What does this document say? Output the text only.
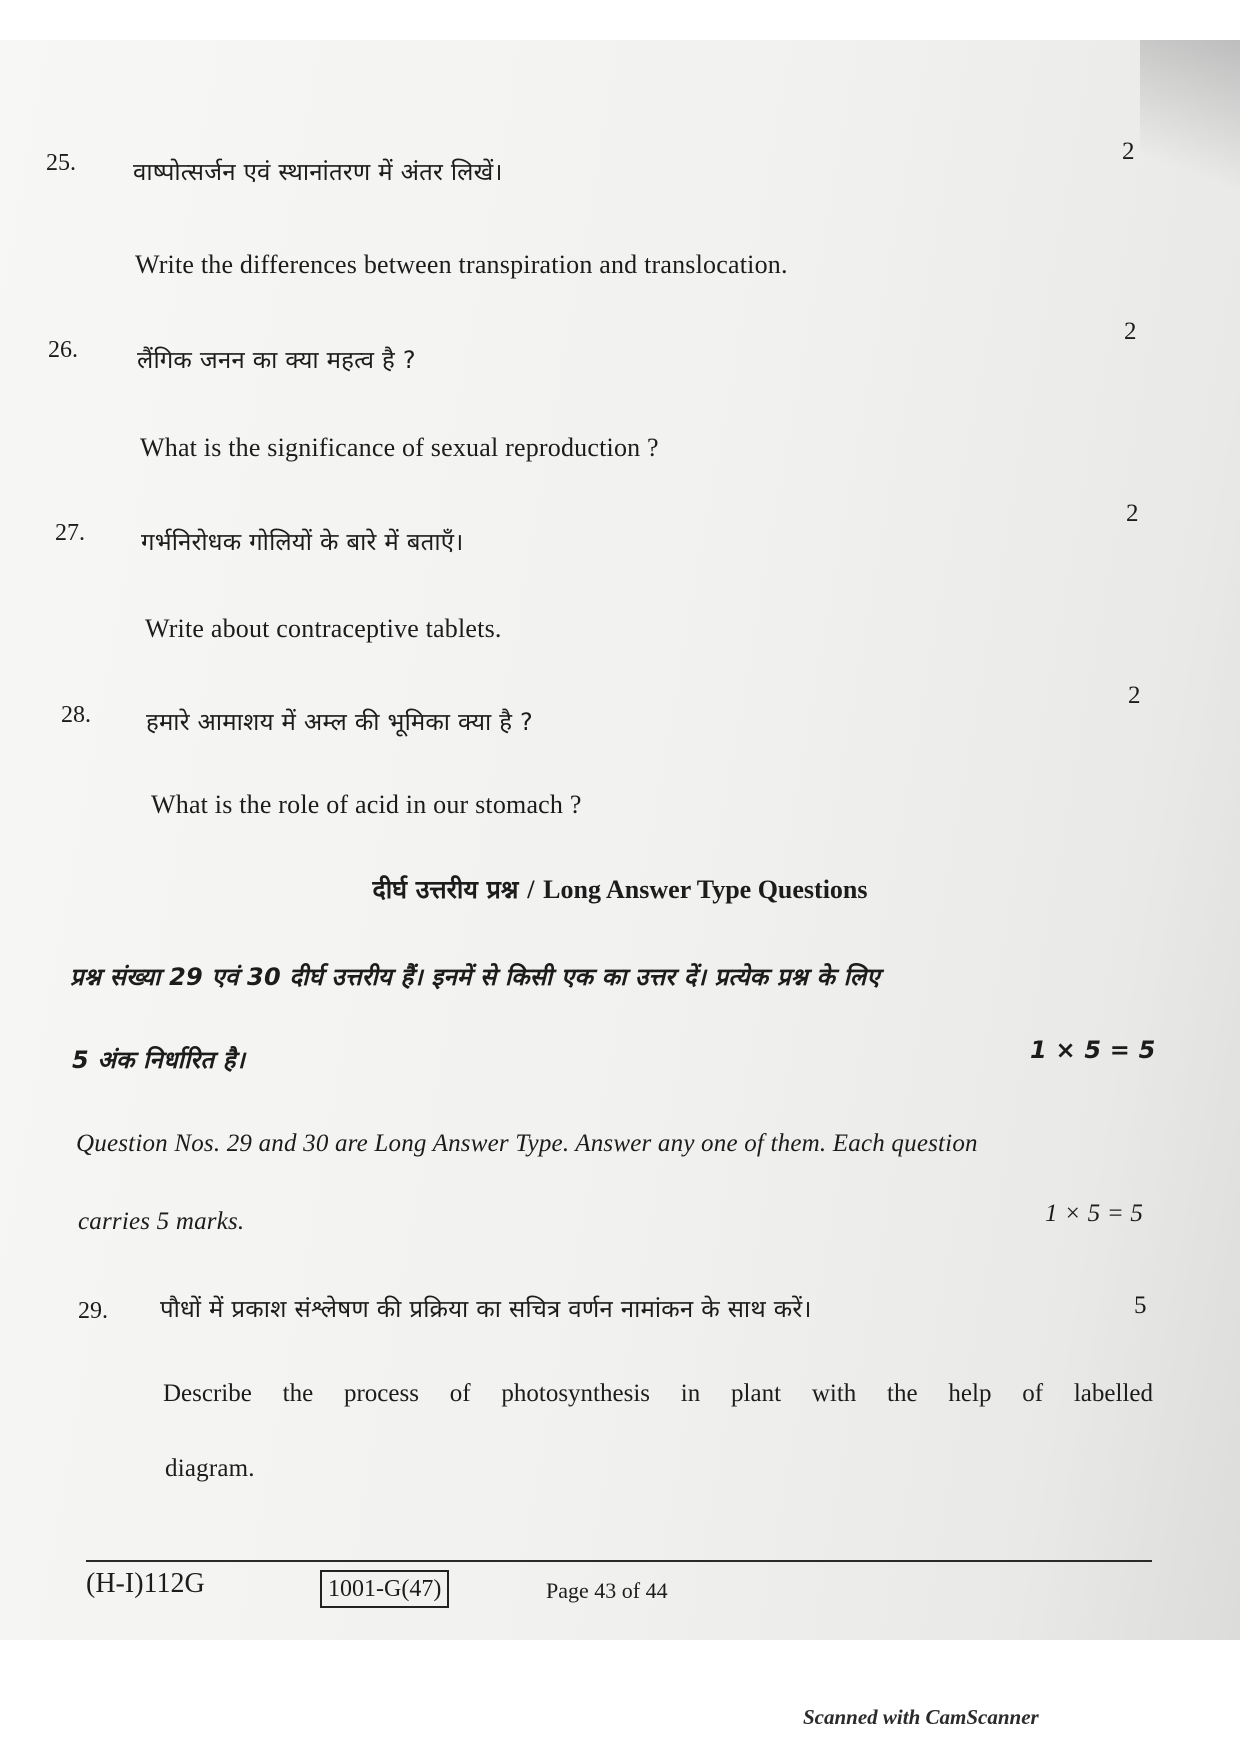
25. वाष्पोत्सर्जन एवं स्थानांतरण में अंतर लिखें।
2
Write the differences between transpiration and translocation.
26. लैंगिक जनन का क्या महत्व है ?
2
What is the significance of sexual reproduction ?
27. गर्भनिरोधक गोलियों के बारे में बताएँ।
2
Write about contraceptive tablets.
28. हमारे आमाशय में अम्ल की भूमिका क्या है ?
2
What is the role of acid in our stomach ?
दीर्घ उत्तरीय प्रश्न / Long Answer Type Questions
प्रश्न संख्या 29 एवं 30 दीर्घ उत्तरीय हैं। इनमें से किसी एक का उत्तर दें। प्रत्येक प्रश्न के लिए
5 अंक निर्धारित है।	1 × 5 = 5
Question Nos. 29 and 30 are Long Answer Type. Answer any one of them. Each question
carries 5 marks.	1 × 5 = 5
29. पौधों में प्रकाश संश्लेषण की प्रक्रिया का सचित्र वर्णन नामांकन के साथ करें।	5
Describe the process of photosynthesis in plant with the help of labelled
diagram.
(H-I)112G	1001-G(47)	Page 43 of 44
Scanned with CamScanner
